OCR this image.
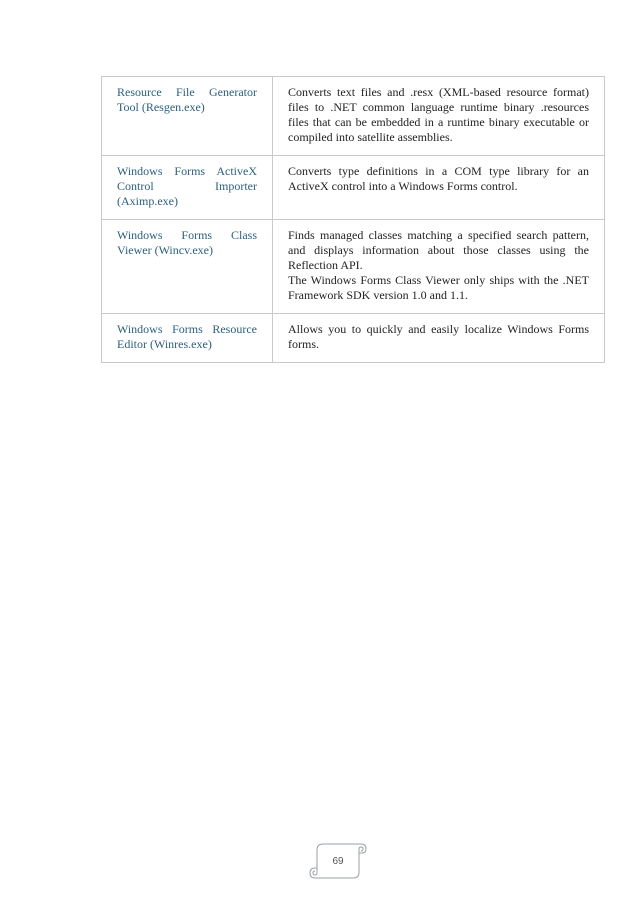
Resource File Generator Tool (Resgen.exe)	Converts text files and .resx (XML-based resource format) files to .NET common language runtime binary .resources files that can be embedded in a runtime binary executable or compiled into satellite assemblies.

Windows Forms ActiveX Control Importer (Aximp.exe)	Converts type definitions in a COM type library for an ActiveX control into a Windows Forms control.

Windows Forms Class Viewer (Wincv.exe)	Finds managed classes matching a specified search pattern, and displays information about those classes using the Reflection API.
The Windows Forms Class Viewer only ships with the .NET Framework SDK version 1.0 and 1.1.

Windows Forms Resource Editor (Winres.exe)	Allows you to quickly and easily localize Windows Forms forms.
69
